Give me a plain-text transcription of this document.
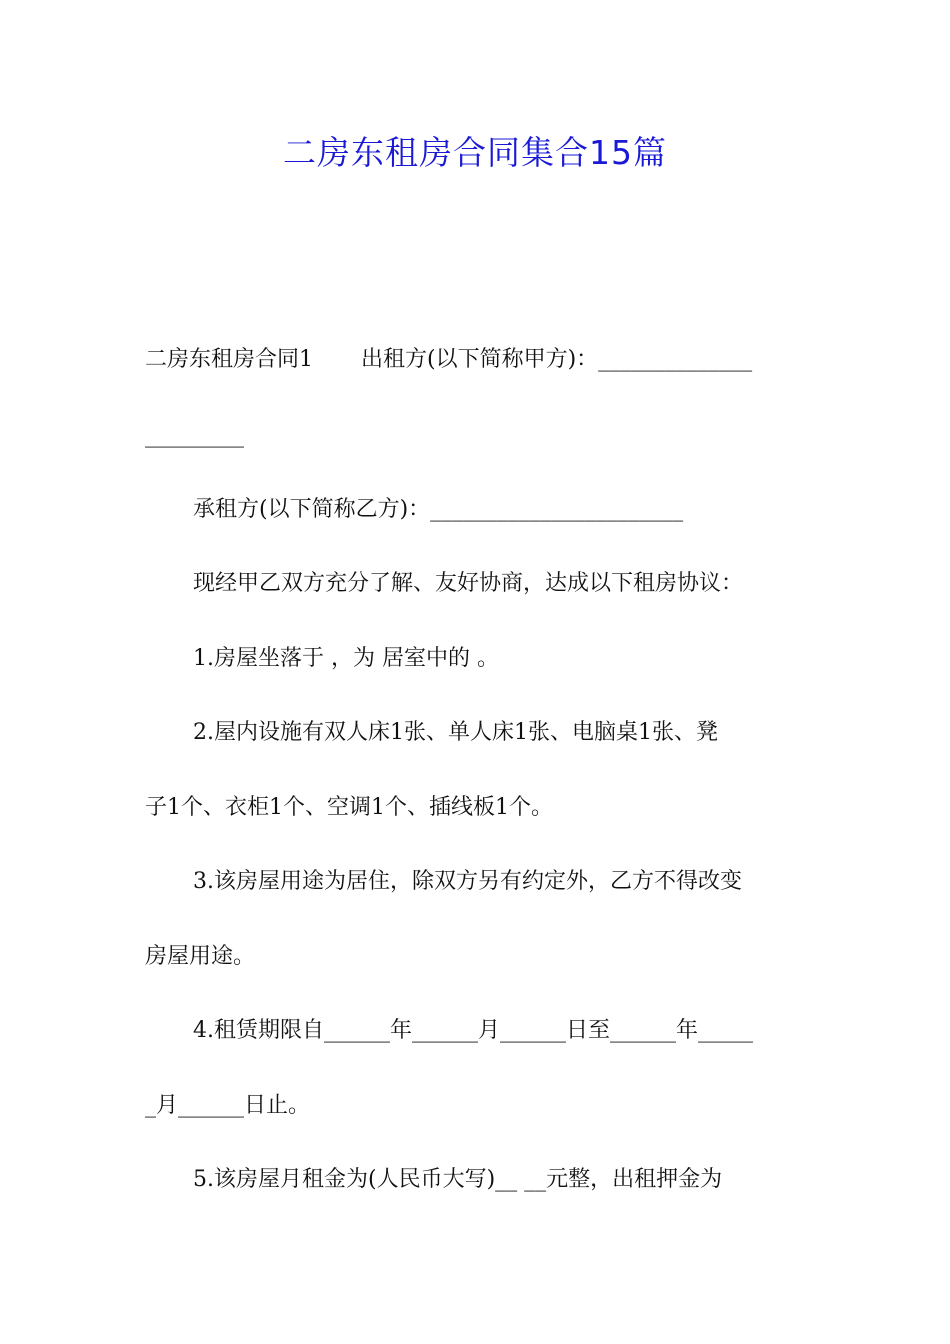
二房东租房合同集合15篇

二房东租房合同1 出租方(以下简称甲方)：______________

_________

承租方(以下简称乙方)：_______________________

现经甲乙双方充分了解、友好协商，达成以下租房协议：

1.房屋坐落于 ，为 居室中的 。

2.屋内设施有双人床1张、单人床1张、电脑桌1张、凳

子1个、衣柜1个、空调1个、插线板1个。

3.该房屋用途为居住，除双方另有约定外，乙方不得改变

房屋用途。

4.租赁期限自______年______月______日至______年_____

_月______日止。

5.该房屋月租金为(人民币大写)__ __元整，出租押金为
